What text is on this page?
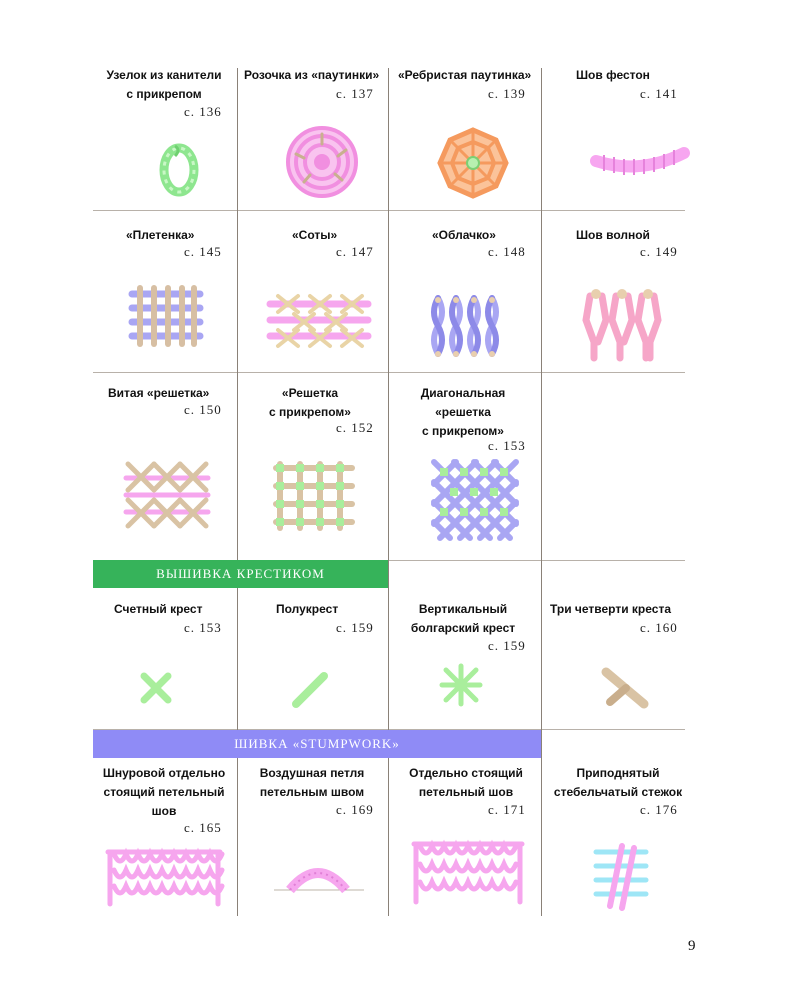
ВЫШИВКА КРЕСТИКОМ
ШИВКА «STUMPWORK»
Узелок из канители
с прикрепом
с. 136
Розочка из «паутинки»
с. 137
«Ребристая паутинка»
с. 139
Шов фестон
с. 141
«Плетенка»
с. 145
«Соты»
с. 147
«Облачко»
с. 148
Шов волной
с. 149
Витая «решетка»
с. 150
«Решетка
с прикрепом»
с. 152
Диагональная
«решетка
с прикрепом»
с. 153
Счетный крест
с. 153
Полукрест
с. 159
Вертикальный
болгарский крест
с. 159
Три четверти креста
с. 160
Шнуровой отдельно
стоящий петельный
шов
с. 165
Воздушная петля
петельным швом
с. 169
Отдельно стоящий
петельный шов
с. 171
Приподнятый
стебельчатый стежок
с. 176
9
